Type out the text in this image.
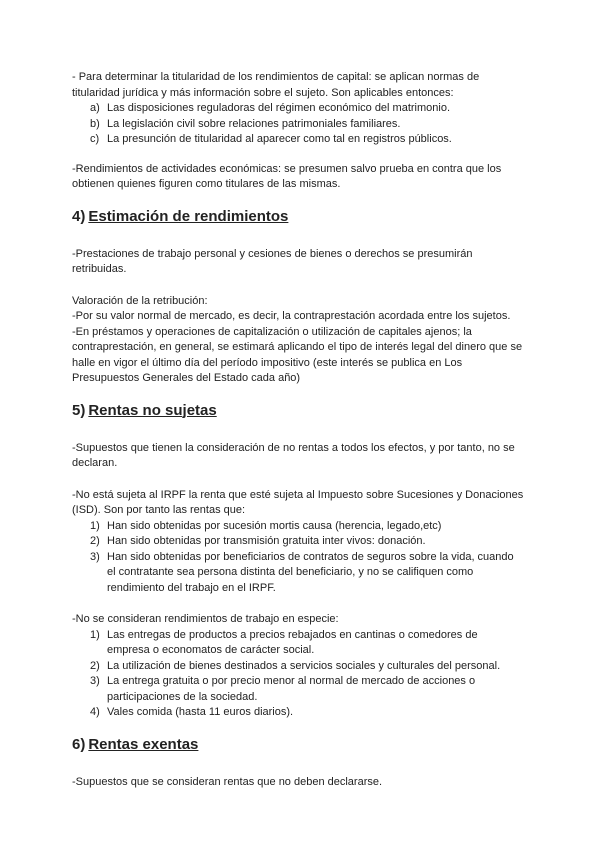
- Para determinar la titularidad de los rendimientos de capital: se aplican normas de

titularidad jurídica y más información sobre el sujeto. Son aplicables entonces:

a) Las disposiciones reguladoras del régimen económico del matrimonio.
b) La legislación civil sobre relaciones patrimoniales familiares.
c) La presunción de titularidad al aparecer como tal en registros públicos.

-Rendimientos de actividades económicas: se presumen salvo prueba en contra que los

obtienen quienes figuren como titulares de las mismas.

4) Estimación de rendimientos

-Prestaciones de trabajo personal y cesiones de bienes o derechos se presumirán

retribuidas.

Valoración de la retribución:

-Por su valor normal de mercado, es decir, la contraprestación acordada entre los sujetos.

-En préstamos y operaciones de capitalización o utilización de capitales ajenos; la

contraprestación, en general, se estimará aplicando el tipo de interés legal del dinero que se

halle en vigor el último día del período impositivo (este interés se publica en Los

Presupuestos Generales del Estado cada año)

5) Rentas no sujetas

-Supuestos que tienen la consideración de no rentas a todos los efectos, y por tanto, no se

declaran.

-No está sujeta al IRPF la renta que esté sujeta al Impuesto sobre Sucesiones y Donaciones

(ISD). Son por tanto las rentas que:

1) Han sido obtenidas por sucesión mortis causa (herencia, legado,etc)
2) Han sido obtenidas por transmisión gratuita inter vivos: donación.
3) Han sido obtenidas por beneficiarios de contratos de seguros sobre la vida, cuando
el contratante sea persona distinta del beneficiario, y no se califiquen como
rendimiento del trabajo en el IRPF.

-No se consideran rendimientos de trabajo en especie:

1) Las entregas de productos a precios rebajados en cantinas o comedores de
empresa o economatos de carácter social.
2) La utilización de bienes destinados a servicios sociales y culturales del personal.
3) La entrega gratuita o por precio menor al normal de mercado de acciones o
participaciones de la sociedad.
4) Vales comida (hasta 11 euros diarios).
6) Rentas exentas

-Supuestos que se consideran rentas que no deben declararse.
